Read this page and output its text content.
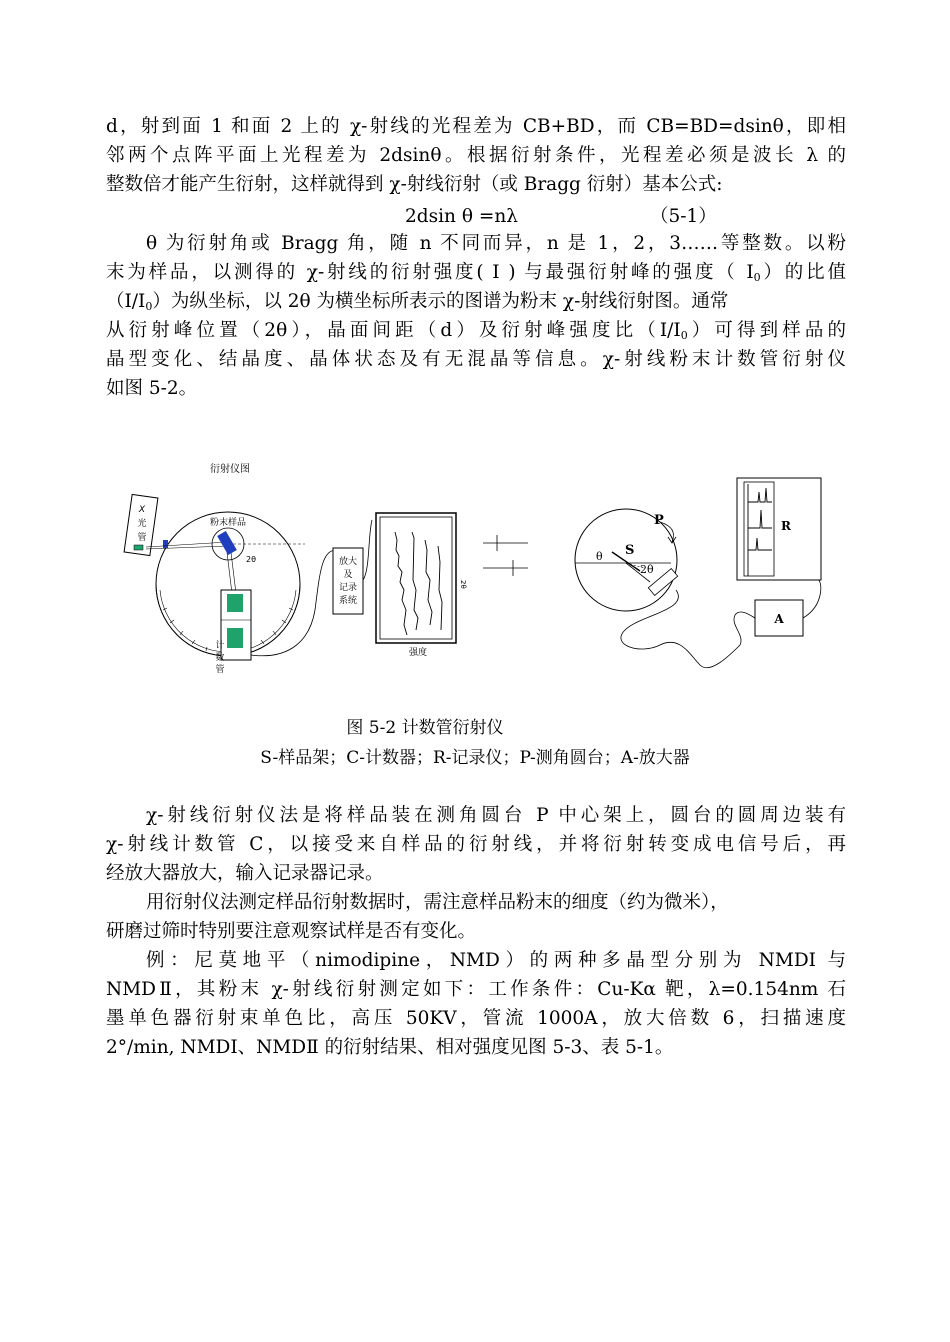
d，射到面 1 和面 2 上的 χ-射线的光程差为 CB+BD，而 CB=BD=dsinθ，即相
邻两个点阵平面上光程差为 2dsinθ。根据衍射条件，光程差必须是波长 λ 的
整数倍才能产生衍射，这样就得到 χ-射线衍射（或 Bragg 衍射）基本公式:
2dsin θ =nλ	（5-1）
θ 为衍射角或 Bragg 角，随 n 不同而异，n 是 1，2，3……等整数。以粉
末为样品，以测得的 χ-射线的衍射强度( I ) 与最强衍射峰的强度（ $I_0$）的比值
$(I/I_0)$为纵坐标，以 2θ 为横坐标所表示的图谱为粉末 χ-射线衍射图。通常
从衍射峰位置（2θ），晶面间距（d）及衍射峰强度比$(I/I_0)$可得到样品的
晶型变化、结晶度、晶体状态及有无混晶等信息。χ-射线粉末计数管衍射仪
如图 5-2。
衍射仪图
X
光
管
粉末样品
2θ
计
数
管
放大
及
记录
系统
强度
2θ
P
S
θ
2θ
A
R
图 5-2 计数管衍射仪
S-样品架；C-计数器；R-记录仪；P-测角圆台；A-放大器
χ-射线衍射仪法是将样品装在测角圆台 P 中心架上，圆台的圆周边装有
χ-射线计数管 C，以接受来自样品的衍射线，并将衍射转变成电信号后，再
经放大器放大，输入记录器记录。
用衍射仪法测定样品衍射数据时，需注意样品粉末的细度（约为微米），
研磨过筛时特别要注意观察试样是否有变化。
例：尼莫地平（nimodipine，NMD）的两种多晶型分别为 NMDI 与
NMDⅡ，其粉末 χ-射线衍射测定如下：工作条件：Cu-Kα 靶，λ=0.154nm 石
墨单色器衍射束单色比，高压 50KV，管流 1000A，放大倍数 6，扫描速度
2°/min, NMDⅠ、NMDⅡ 的衍射结果、相对强度见图 5-3、表 5-1。
